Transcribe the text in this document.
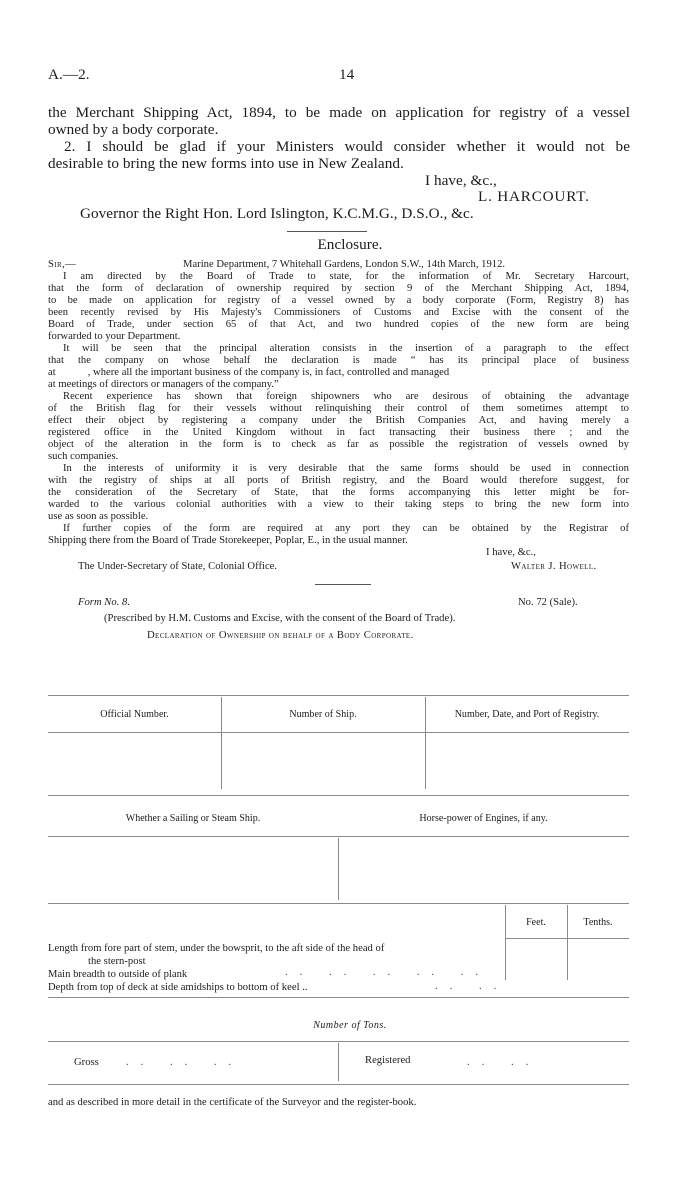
A.—2.	14
the Merchant Shipping Act, 1894, to be made on application for registry of a vessel
owned by a body corporate.
2. I should be glad if your Ministers would consider whether it would not be
desirable to bring the new forms into use in New Zealand.
I have, &c.,
L. HARCOURT.
Governor the Right Hon. Lord Islington, K.C.M.G., D.S.O., &c.
Enclosure.
Sir,—	Marine Department, 7 Whitehall Gardens, London S.W., 14th March, 1912.
I am directed by the Board of Trade to state, for the information of Mr. Secretary Harcourt,
that the form of declaration of ownership required by section 9 of the Merchant Shipping Act, 1894,
to be made on application for registry of a vessel owned by a body corporate (Form, Registry 8) has
been recently revised by His Majesty's Commissioners of Customs and Excise with the consent of the
Board of Trade, under section 65 of that Act, and two hundred copies of the new form are being
forwarded to your Department.
It will be seen that the principal alteration consists in the insertion of a paragraph to the effect
that the company on whose behalf the declaration is made “ has its principal place of business
at            , where all the important business of the company is, in fact, controlled and managed
at meetings of directors or managers of the company.”
Recent experience has shown that foreign shipowners who are desirous of obtaining the advantage
of the British flag for their vessels without relinquishing their control of them sometimes attempt to
effect their object by registering a company under the British Companies Act, and having merely a
registered office in the United Kingdom without in fact transacting their business there ; and the
object of the alteration in the form is to check as far as possible the registration of vessels owned by
such companies.
In the interests of uniformity it is very desirable that the same forms should be used in connection
with the registry of ships at all ports of British registry, and the Board would therefore suggest, for
the consideration of the Secretary of State, that the forms accompanying this letter might be for-
warded to the various colonial authorities with a view to their taking steps to bring the new form into
use as soon as possible.
If further copies of the form are required at any port they can be obtained by the Registrar of
Shipping there from the Board of Trade Storekeeper, Poplar, E., in the usual manner.
I have, &c.,
The Under-Secretary of State, Colonial Office.	Walter J. Howell.
Form No. 8.	No. 72 (Sale).
(Prescribed by H.M. Customs and Excise, with the consent of the Board of Trade).
Declaration of Ownership on behalf of a Body Corporate.
Official Number.	Number of Ship.	Number, Date, and Port of Registry.
Whether a Sailing or Steam Ship.	Horse-power of Engines, if any.
Feet.	Tenths.
Length from fore part of stem, under the bowsprit, to the aft side of the head of
the stern-post
Main breadth to outside of plank	.. .. .. .. ..
Depth from top of deck at side amidships to bottom of keel ..	.. ..
Number of Tons.
Gross	.. .. ..	Registered	.. ..
and as described in more detail in the certificate of the Surveyor and the register-book.
